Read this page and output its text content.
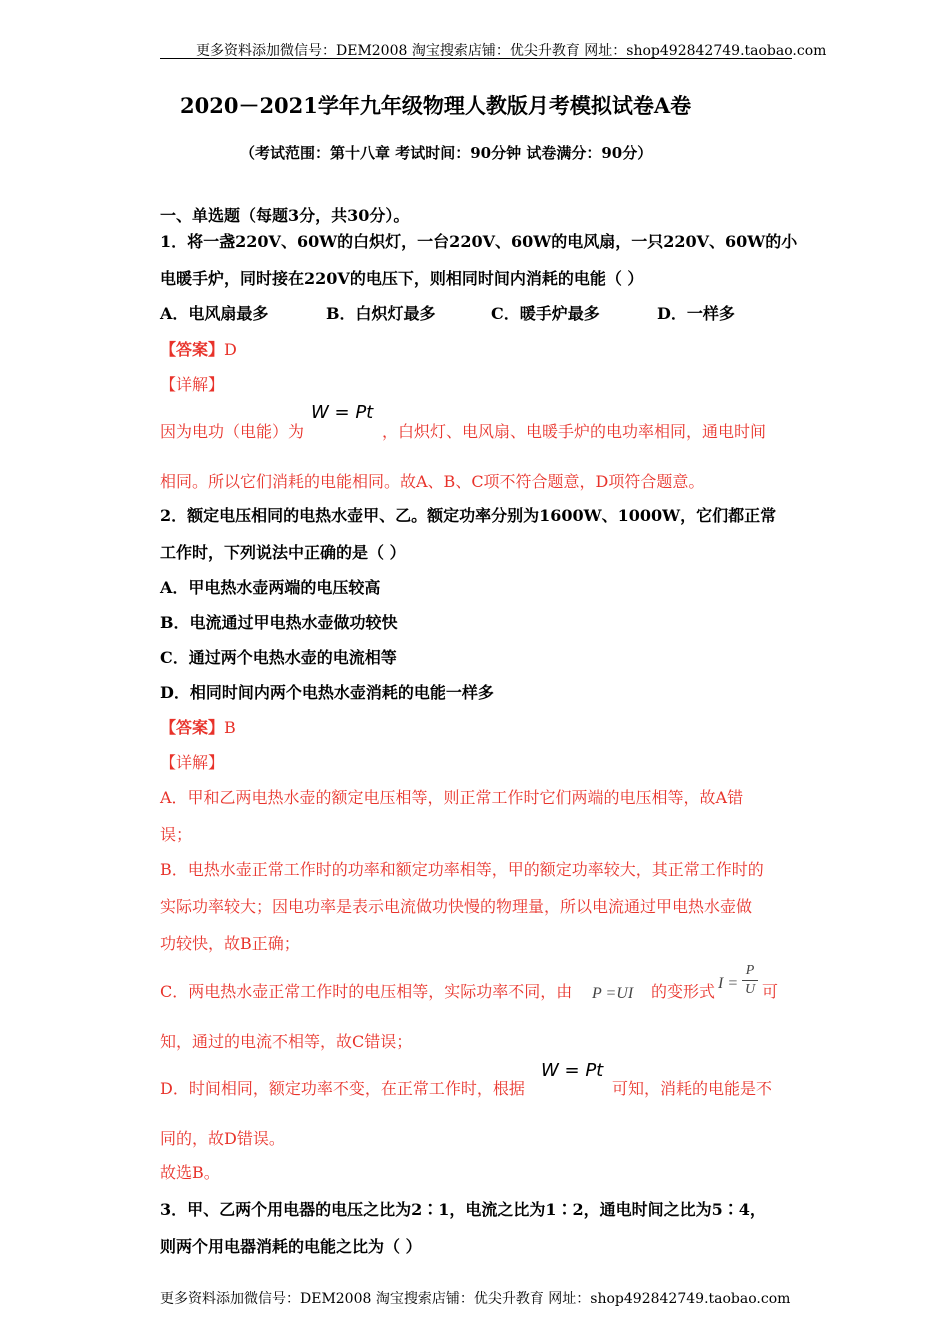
更多资料添加微信号：DEM2008 淘宝搜索店铺：优尖升教育 网址：shop492842749.taobao.com
2020－2021学年九年级物理人教版月考模拟试卷A卷
（考试范围：第十八章 考试时间：90分钟 试卷满分：90分）
一、单选题（每题3分，共30分）。
1．将一盏220V、60W的白炽灯，一台220V、60W的电风扇，一只220V、60W的小
电暖手炉，同时接在220V的电压下，则相同时间内消耗的电能（ ）
A．电风扇最多	B．白炽灯最多	C．暖手炉最多	D．一样多
【答案】D
【详解】
因为电功（电能）为
W = Pt
，白炽灯、电风扇、电暖手炉的电功率相同，通电时间
相同。所以它们消耗的电能相同。故A、B、C项不符合题意，D项符合题意。
2．额定电压相同的电热水壶甲、乙。额定功率分别为1600W、1000W，它们都正常
工作时，下列说法中正确的是（ ）
A．甲电热水壶两端的电压较高
B．电流通过甲电热水壶做功较快
C．通过两个电热水壶的电流相等
D．相同时间内两个电热水壶消耗的电能一样多
【答案】B
【详解】
A．甲和乙两电热水壶的额定电压相等，则正常工作时它们两端的电压相等，故A错
误；
B．电热水壶正常工作时的功率和额定功率相等，甲的额定功率较大，其正常工作时的
实际功率较大；因电功率是表示电流做功快慢的物理量，所以电流通过甲电热水壶做
功较快，故B正确；
C．两电热水壶正常工作时的电压相等，实际功率不同，由 P =UI 的变形式 I =
P
U 可
知，通过的电流不相等，故C错误；
D．时间相同，额定功率不变，在正常工作时，根据
W = Pt
可知，消耗的电能是不
同的，故D错误。
故选B。
3．甲、乙两个用电器的电压之比为2∶1，电流之比为1∶2，通电时间之比为5∶4，
则两个用电器消耗的电能之比为（ ）
更多资料添加微信号：DEM2008 淘宝搜索店铺：优尖升教育 网址：shop492842749.taobao.com
